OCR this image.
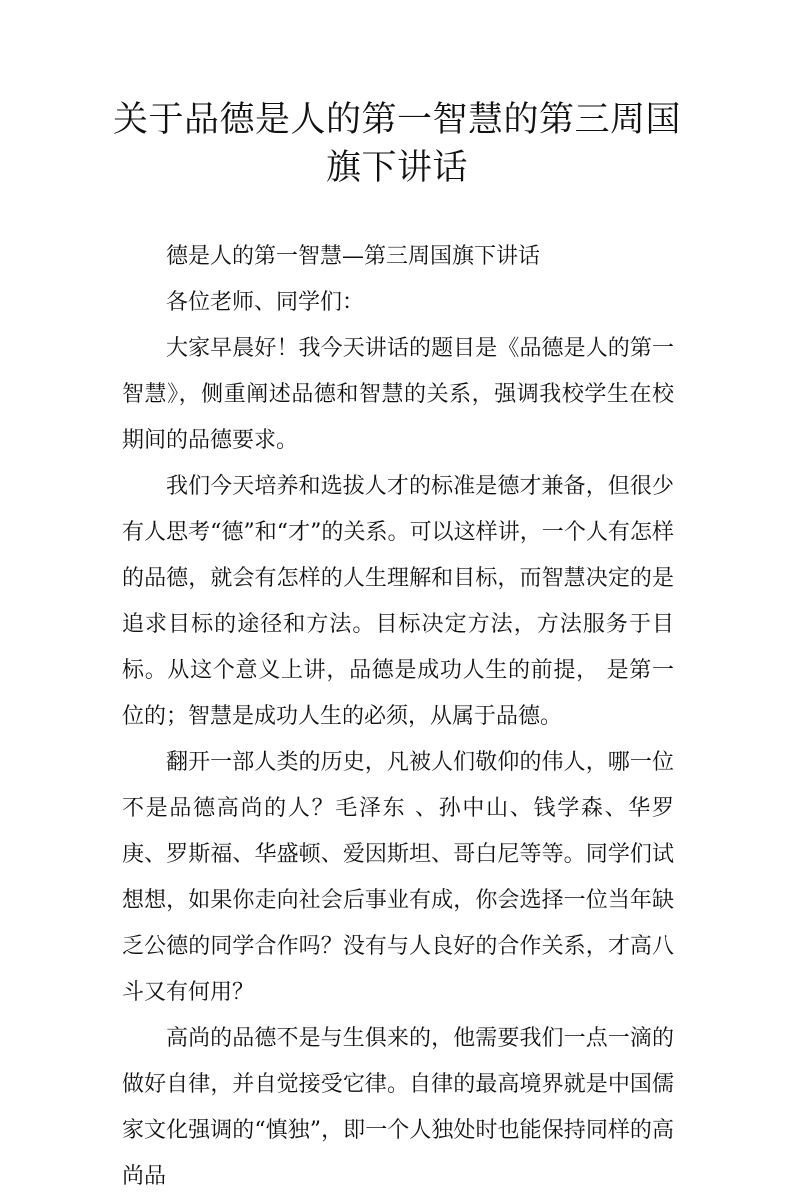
关于品德是人的第一智慧的第三周国旗下讲话

德是人的第一智慧—第三周国旗下讲话

各位老师、同学们：

大家早晨好！我今天讲话的题目是《品德是人的第一智慧》，侧重阐述品德和智慧的关系，强调我校学生在校期间的品德要求。

我们今天培养和选拔人才的标准是德才兼备，但很少有人思考“德”和“才”的关系。可以这样讲，一个人有怎样的品德，就会有怎样的人生理解和目标，而智慧决定的是追求目标的途径和方法。目标决定方法，方法服务于目标。从这个意义上讲，品德是成功人生的前提， 是第一位的；智慧是成功人生的必须，从属于品德。

翻开一部人类的历史，凡被人们敬仰的伟人，哪一位不是品德高尚的人？毛泽东 、孙中山、钱学森、华罗庚、罗斯福、华盛顿、爱因斯坦、哥白尼等等。同学们试想想，如果你走向社会后事业有成，你会选择一位当年缺乏公德的同学合作吗？没有与人良好的合作关系，才高八斗又有何用？

高尚的品德不是与生俱来的，他需要我们一点一滴的做好自律，并自觉接受它律。自律的最高境界就是中国儒家文化强调的“慎独”，即一个人独处时也能保持同样的高尚品
